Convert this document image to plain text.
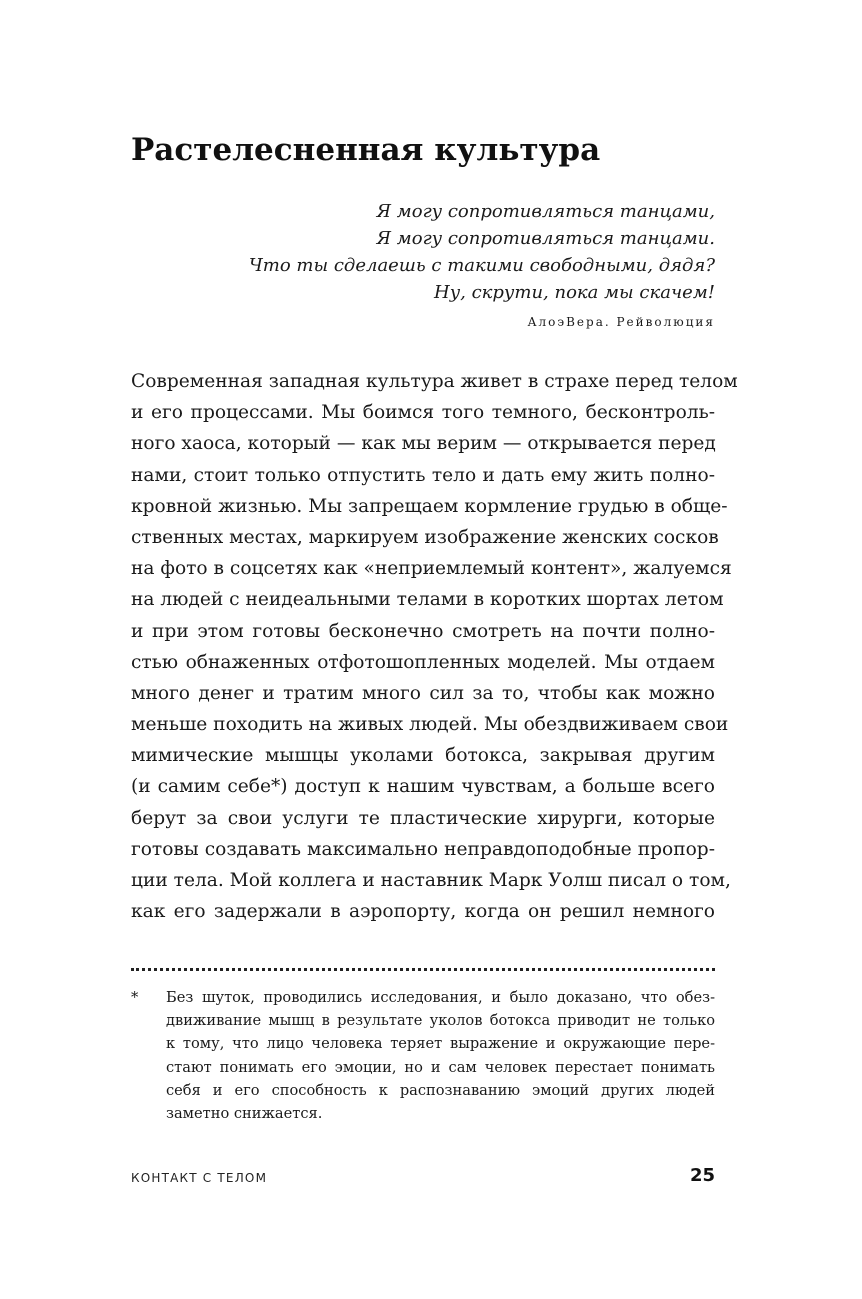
Растелесненная культура
Я могу сопротивляться танцами,
Я могу сопротивляться танцами.
Что ты сделаешь с такими свободными, дядя?
Ну, скрути, пока мы скачем!
АлоэВера. Рейволюция
Современная западная культура живет в страхе перед телом
и его процессами. Мы боимся того темного, бесконтроль-
ного хаоса, который — как мы верим — открывается перед
нами, стоит только отпустить тело и дать ему жить полно-
кровной жизнью. Мы запрещаем кормление грудью в обще-
ственных местах, маркируем изображение женских сосков
на фото в соцсетях как «неприемлемый контент», жалуемся
на людей с неидеальными телами в коротких шортах летом
и при этом готовы бесконечно смотреть на почти полно-
стью обнаженных отфотошопленных моделей. Мы отдаем
много денег и тратим много сил за то, чтобы как можно
меньше походить на живых людей. Мы обездвиживаем свои
мимические мышцы уколами ботокса, закрывая другим
(и самим себе*) доступ к нашим чувствам, а больше всего
берут за свои услуги те пластические хирурги, которые
готовы создавать максимально неправдоподобные пропор-
ции тела. Мой коллега и наставник Марк Уолш писал о том,
как его задержали в аэропорту, когда он решил немного
*	Без шуток, проводились исследования, и было доказано, что обез-
движивание мышц в результате уколов ботокса приводит не только
к тому, что лицо человека теряет выражение и окружающие пере-
стают понимать его эмоции, но и сам человек перестает понимать
себя и его способность к распознаванию эмоций других людей
заметно снижается.
КОНТАКТ С ТЕЛОМ	25
